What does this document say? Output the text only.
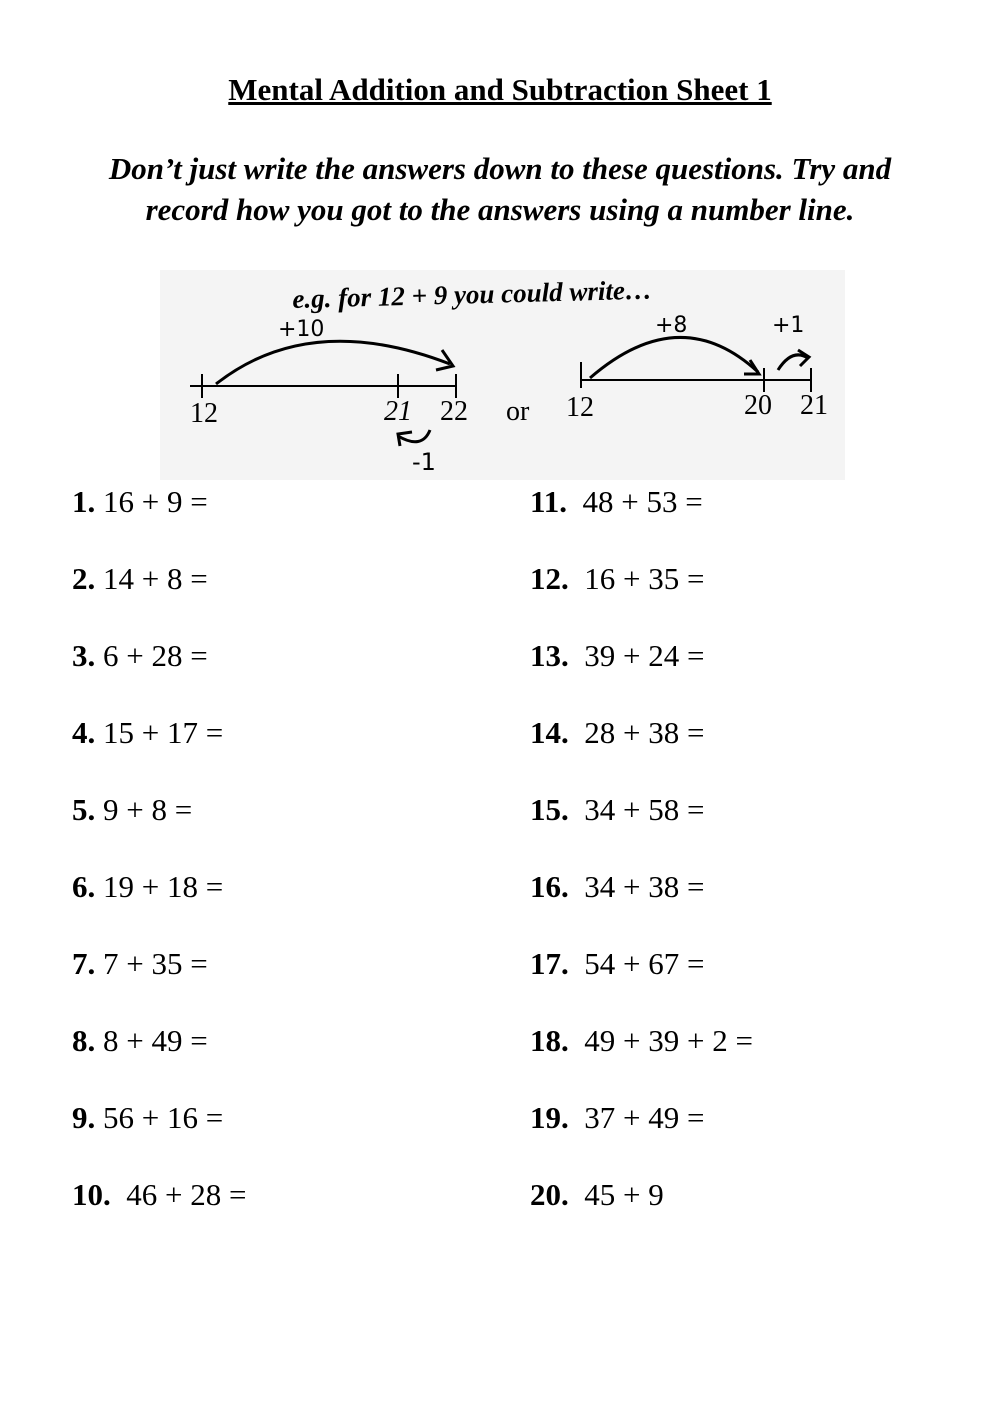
Mental Addition and Subtraction Sheet 1
Don’t just write the answers down to these questions. Try and
record how you got to the answers using a number line.
e.g. for 12 + 9 you could write…
+10
12	21 22
-1
or
+8	+1
12	20 21
1. 16 + 9 =
2. 14 + 8 =
3. 6 + 28 =
4. 15 + 17 =
5. 9 + 8 =
6. 19 + 18 =
7. 7 + 35 =
8. 8 + 49 =
9. 56 + 16 =
10. 46 + 28 =
11. 48 + 53 =
12. 16 + 35 =
13. 39 + 24 =
14. 28 + 38 =
15. 34 + 58 =
16. 34 + 38 =
17. 54 + 67 =
18. 49 + 39 + 2 =
19. 37 + 49 =
20. 45 + 9
